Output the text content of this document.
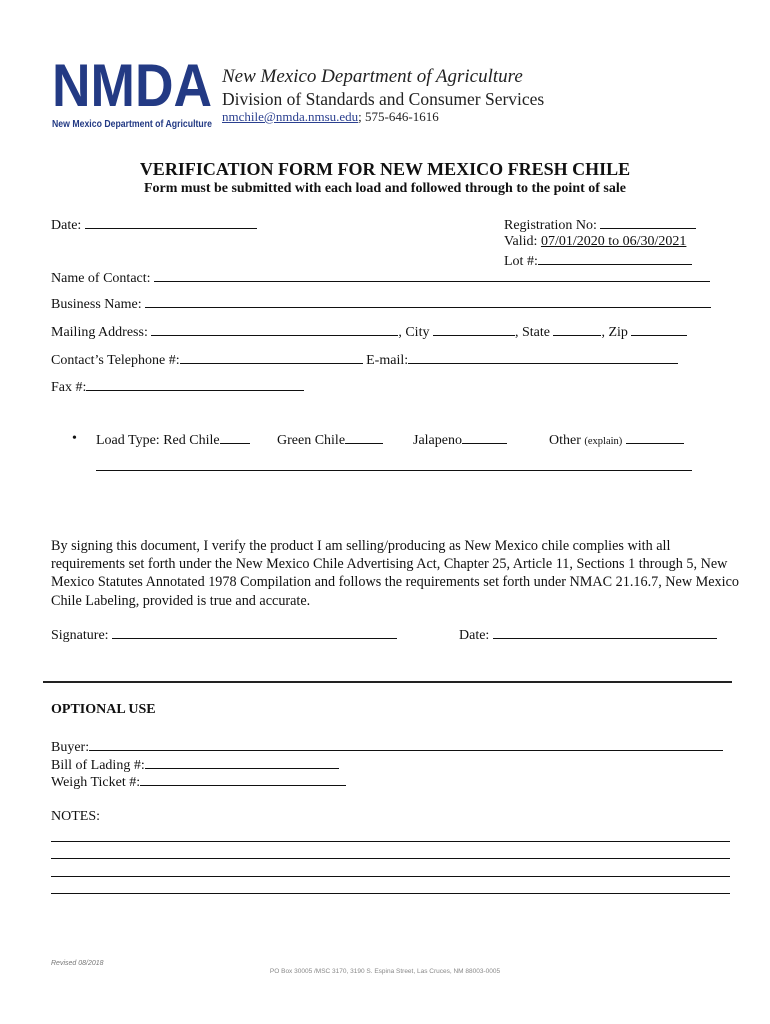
NMDA
New Mexico Department of Agriculture
New Mexico Department of Agriculture
Division of Standards and Consumer Services
nmchile@nmda.nmsu.edu; 575-646-1616
VERIFICATION FORM FOR NEW MEXICO FRESH CHILE
Form must be submitted with each load and followed through to the point of sale
Date:	Registration No:
Valid: 07/01/2020 to 06/30/2021
Lot #:
Name of Contact:
Business Name:
Mailing Address:	, City	, State	, Zip
Contact’s Telephone #:	E-mail:
Fax #:
• Load Type: Red Chile	Green Chile	Jalapeno	Other (explain)
By signing this document, I verify the product I am selling/producing as New Mexico chile complies with all requirements set forth under the New Mexico Chile Advertising Act, Chapter 25, Article 11, Sections 1 through 5, New Mexico Statutes Annotated 1978 Compilation and follows the requirements set forth under NMAC 21.16.7, New Mexico Chile Labeling, provided is true and accurate.
Signature:	Date:
OPTIONAL USE
Buyer:
Bill of Lading #:
Weigh Ticket #:
NOTES:
Revised 08/2018
PO Box 30005 /MSC 3170, 3190 S. Espina Street, Las Cruces, NM 88003-0005
